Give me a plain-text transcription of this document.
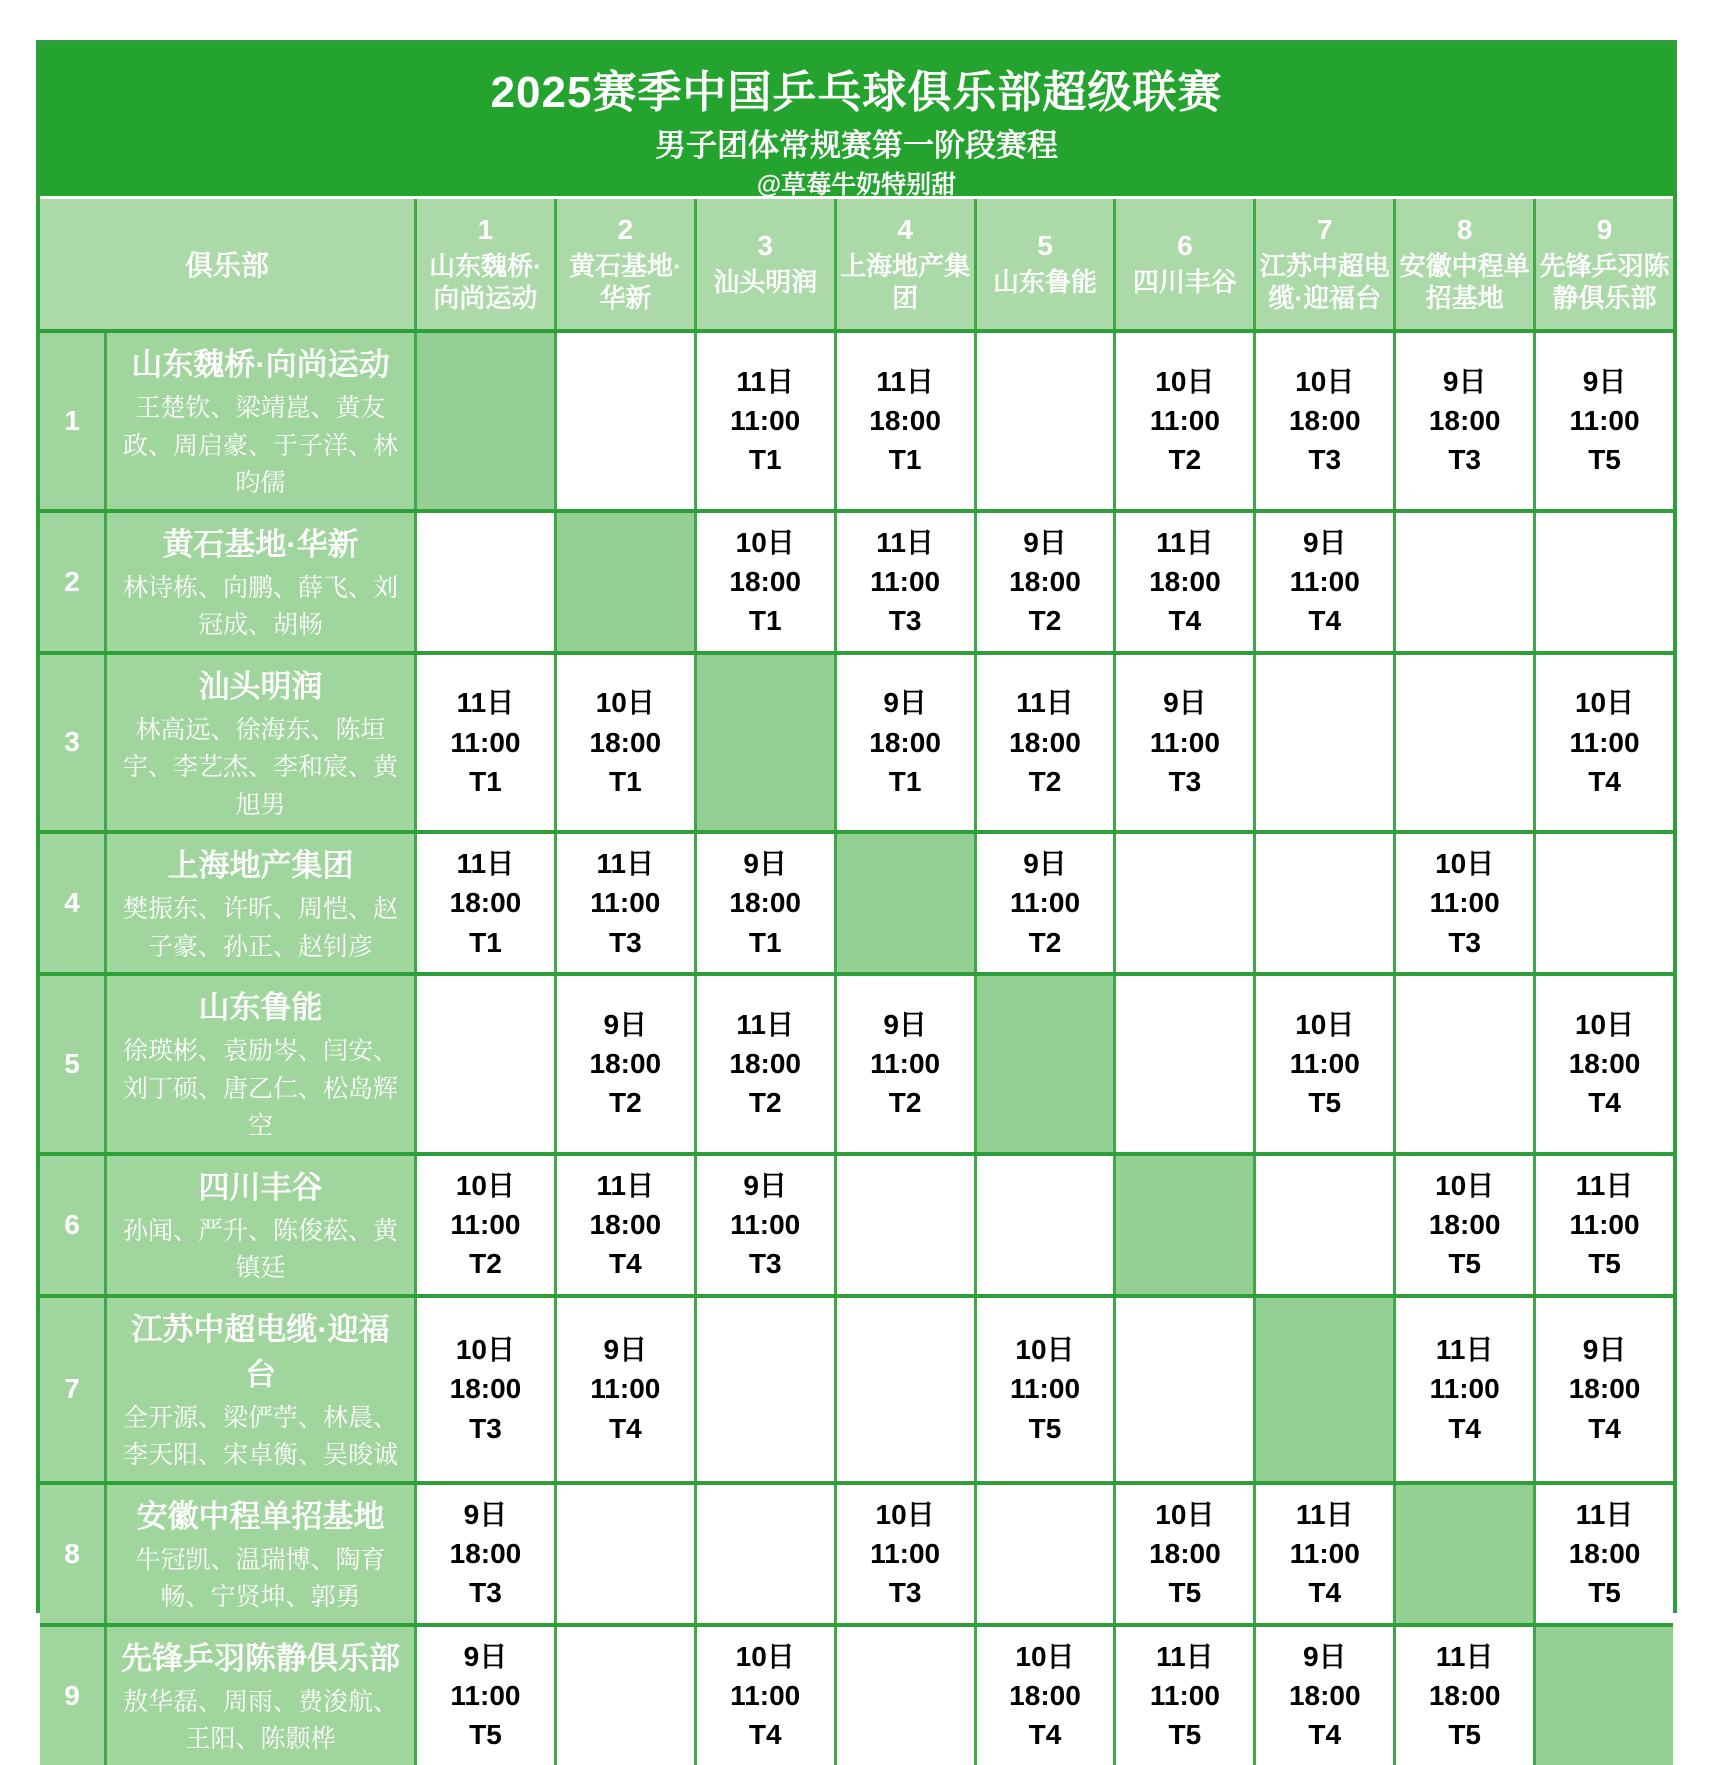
2025赛季中国乒乓球俱乐部超级联赛
男子团体常规赛第一阶段赛程
@草莓牛奶特别甜
俱乐部
1
山东魏桥·向尚运动
2
黄石基地·华新
3
汕头明润
4
上海地产集团
5
山东鲁能
6
四川丰谷
7
江苏中超电缆·迎福台
8
安徽中程单招基地
9
先锋乒羽陈静俱乐部
1
山东魏桥·向尚运动
王楚钦、梁靖崑、黄友政、周启豪、于子洋、林昀儒
11日
11:00
T1
11日
18:00
T1
10日
11:00
T2
10日
18:00
T3
9日
18:00
T3
9日
11:00
T5
2
黄石基地·华新
林诗栋、向鹏、薛飞、刘冠成、胡畅
10日
18:00
T1
11日
11:00
T3
9日
18:00
T2
11日
18:00
T4
9日
11:00
T4
3
汕头明润
林高远、徐海东、陈垣宇、李艺杰、李和宸、黄旭男
11日
11:00
T1
10日
18:00
T1
9日
18:00
T1
11日
18:00
T2
9日
11:00
T3
10日
11:00
T4
4
上海地产集团
樊振东、许昕、周恺、赵子豪、孙正、赵钊彦
11日
18:00
T1
11日
11:00
T3
9日
18:00
T1
9日
11:00
T2
10日
11:00
T3
5
山东鲁能
徐瑛彬、袁励岑、闫安、刘丁硕、唐乙仁、松岛辉空
9日
18:00
T2
11日
18:00
T2
9日
11:00
T2
10日
11:00
T5
10日
18:00
T4
6
四川丰谷
孙闻、严升、陈俊菘、黄镇廷
10日
11:00
T2
11日
18:00
T4
9日
11:00
T3
10日
18:00
T5
11日
11:00
T5
7
江苏中超电缆·迎福台
全开源、梁俨苧、林晨、李天阳、宋卓衡、吴晙诚
10日
18:00
T3
9日
11:00
T4
10日
11:00
T5
11日
11:00
T4
9日
18:00
T4
8
安徽中程单招基地
牛冠凯、温瑞博、陶育畅、宁贤坤、郭勇
9日
18:00
T3
10日
11:00
T3
10日
18:00
T5
11日
11:00
T4
11日
18:00
T5
9
先锋乒羽陈静俱乐部
敖华磊、周雨、费浚航、王阳、陈颢桦
9日
11:00
T5
10日
11:00
T4
10日
18:00
T4
11日
11:00
T5
9日
18:00
T4
11日
18:00
T5
